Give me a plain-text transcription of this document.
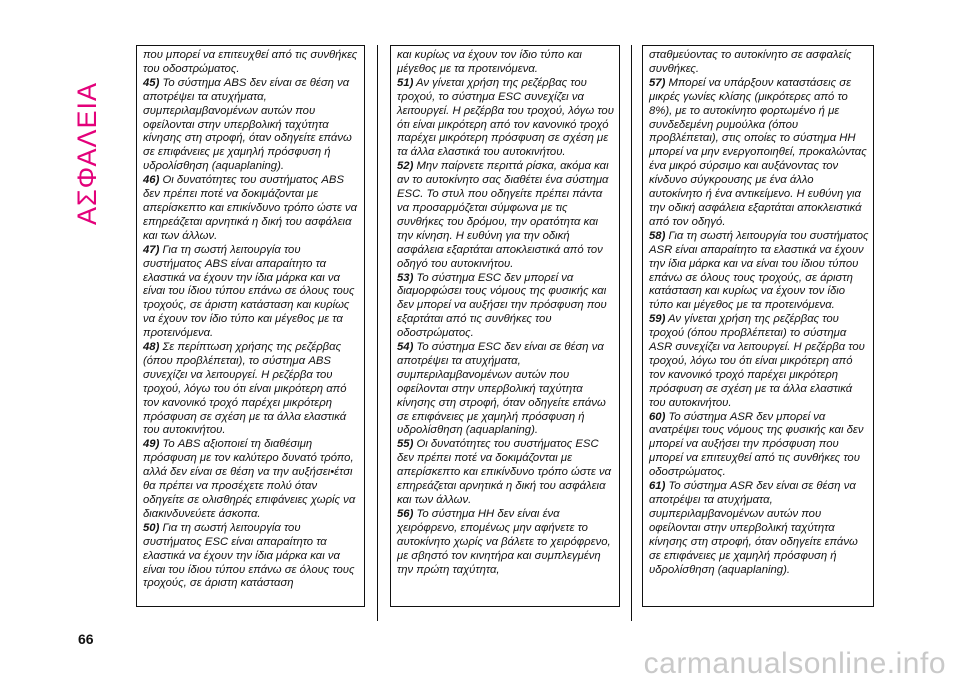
ΑΣΦΑΛΕΙΑ

που μπορεί να επιτευχθεί από τις συνθήκες του οδοστρώματος.

45) Το σύστημα ABS δεν είναι σε θέση να αποτρέψει τα ατυχήματα, συμπεριλαμβανομένων αυτών που οφείλονται στην υπερβολική ταχύτητα κίνησης στη στροφή, όταν οδηγείτε επάνω σε επιφάνειες με χαμηλή πρόσφυση ή υδρολίσθηση (aquaplaning).

46) Οι δυνατότητες του συστήματος ABS δεν πρέπει ποτέ να δοκιμάζονται με απερίσκεπτο και επικίνδυνο τρόπο ώστε να επηρεάζεται αρνητικά η δική του ασφάλεια και των άλλων.

47) Για τη σωστή λειτουργία του συστήματος ABS είναι απαραίτητο τα ελαστικά να έχουν την ίδια μάρκα και να είναι του ίδιου τύπου επάνω σε όλους τους τροχούς, σε άριστη κατάσταση και κυρίως να έχουν τον ίδιο τύπο και μέγεθος με τα προτεινόμενα.

48) Σε περίπτωση χρήσης της ρεζέρβας (όπου προβλέπεται), το σύστημα ABS συνεχίζει να λειτουργεί. Η ρεζέρβα του τροχού, λόγω του ότι είναι μικρότερη από τον κανονικό τροχό παρέχει μικρότερη πρόσφυση σε σχέση με τα άλλα ελαστικά του αυτοκινήτου.

49) Το ABS αξιοποιεί τη διαθέσιμη πρόσφυση με τον καλύτερο δυνατό τρόπο, αλλά δεν είναι σε θέση να την αυξήσει•έτσι θα πρέπει να προσέχετε πολύ όταν οδηγείτε σε ολισθηρές επιφάνειες χωρίς να διακινδυνεύετε άσκοπα.

50) Για τη σωστή λειτουργία του συστήματος ESC είναι απαραίτητο τα ελαστικά να έχουν την ίδια μάρκα και να είναι του ίδιου τύπου επάνω σε όλους τους τροχούς, σε άριστη κατάσταση

και κυρίως να έχουν τον ίδιο τύπο και μέγεθος με τα προτεινόμενα.

51) Αν γίνεται χρήση της ρεζέρβας του τροχού, το σύστημα ESC συνεχίζει να λειτουργεί. Η ρεζέρβα του τροχού, λόγω του ότι είναι μικρότερη από τον κανονικό τροχό παρέχει μικρότερη πρόσφυση σε σχέση με τα άλλα ελαστικά του αυτοκινήτου.

52) Μην παίρνετε περιττά ρίσκα, ακόμα και αν το αυτοκίνητο σας διαθέτει ένα σύστημα ESC. Το στυλ που οδηγείτε πρέπει πάντα να προσαρμόζεται σύμφωνα με τις συνθήκες του δρόμου, την ορατότητα και την κίνηση. Η ευθύνη για την οδική ασφάλεια εξαρτάται αποκλειστικά από τον οδηγό του αυτοκινήτου.

53) Το σύστημα ESC δεν μπορεί να διαμορφώσει τους νόμους της φυσικής και δεν μπορεί να αυξήσει την πρόσφυση που εξαρτάται από τις συνθήκες του οδοστρώματος.

54) Το σύστημα ESC δεν είναι σε θέση να αποτρέψει τα ατυχήματα, συμπεριλαμβανομένων αυτών που οφείλονται στην υπερβολική ταχύτητα κίνησης στη στροφή, όταν οδηγείτε επάνω σε επιφάνειες με χαμηλή πρόσφυση ή υδρολίσθηση (aquaplaning).

55) Οι δυνατότητες του συστήματος ESC δεν πρέπει ποτέ να δοκιμάζονται με απερίσκεπτο και επικίνδυνο τρόπο ώστε να επηρεάζεται αρνητικά η δική του ασφάλεια και των άλλων.

56) Το σύστημα HH δεν είναι ένα χειρόφρενο, επομένως μην αφήνετε το αυτοκίνητο χωρίς να βάλετε το χειρόφρενο, με σβηστό τον κινητήρα και συμπλεγμένη την πρώτη ταχύτητα,

σταθμεύοντας το αυτοκίνητο σε ασφαλείς συνθήκες.

57) Μπορεί να υπάρξουν καταστάσεις σε μικρές γωνίες κλίσης (μικρότερες από το 8%), με το αυτοκίνητο φορτωμένο ή με συνδεδεμένη ρυμούλκα (όπου προβλέπεται), στις οποίες το σύστημα HH μπορεί να μην ενεργοποιηθεί, προκαλώντας ένα μικρό σύρσιμο και αυξάνοντας τον κίνδυνο σύγκρουσης με ένα άλλο αυτοκίνητο ή ένα αντικείμενο. Η ευθύνη για την οδική ασφάλεια εξαρτάται αποκλειστικά από τον οδηγό.

58) Για τη σωστή λειτουργία του συστήματος ASR είναι απαραίτητο τα ελαστικά να έχουν την ίδια μάρκα και να είναι του ίδιου τύπου επάνω σε όλους τους τροχούς, σε άριστη κατάσταση και κυρίως να έχουν τον ίδιο τύπο και μέγεθος με τα προτεινόμενα.

59) Αν γίνεται χρήση της ρεζέρβας του τροχού (όπου προβλέπεται) το σύστημα ASR συνεχίζει να λειτουργεί. Η ρεζέρβα του τροχού, λόγω του ότι είναι μικρότερη από τον κανονικό τροχό παρέχει μικρότερη πρόσφυση σε σχέση με τα άλλα ελαστικά του αυτοκινήτου.

60) Το σύστημα ASR δεν μπορεί να ανατρέψει τους νόμους της φυσικής και δεν μπορεί να αυξήσει την πρόσφυση που μπορεί να επιτευχθεί από τις συνθήκες του οδοστρώματος.

61) Το σύστημα ASR δεν είναι σε θέση να αποτρέψει τα ατυχήματα, συμπεριλαμβανομένων αυτών που οφείλονται στην υπερβολική ταχύτητα κίνησης στη στροφή, όταν οδηγείτε επάνω σε επιφάνειες με χαμηλή πρόσφυση ή υδρολίσθηση (aquaplaning).

66
carmanualsonline.info
